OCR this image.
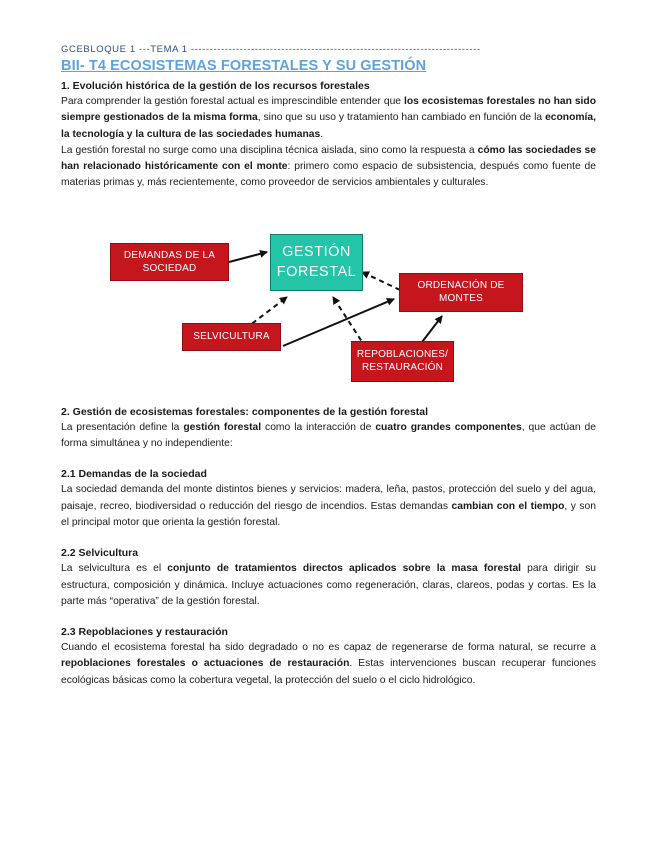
GCEBLOQUE 1 ---TEMA 1 -----------------------------------------------------------------------------
BII- T4 ECOSISTEMAS FORESTALES Y SU GESTIÓN
1. Evolución histórica de la gestión de los recursos forestales

Para comprender la gestión forestal actual es imprescindible entender que los ecosistemas forestales no han sido siempre gestionados de la misma forma, sino que su uso y tratamiento han cambiado en función de la economía, la tecnología y la cultura de las sociedades humanas.

La gestión forestal no surge como una disciplina técnica aislada, sino como la respuesta a cómo las sociedades se han relacionado históricamente con el monte: primero como espacio de subsistencia, después como fuente de materias primas y, más recientemente, como proveedor de servicios ambientales y culturales.

GESTIÓN FORESTAL
DEMANDAS DE LA SOCIEDAD
ORDENACIÓN DE MONTES
SELVICULTURA
REPOBLACIONES/ RESTAURACIÓN
2. Gestión de ecosistemas forestales: componentes de la gestión forestal

La presentación define la gestión forestal como la interacción de cuatro grandes componentes, que actúan de forma simultánea y no independiente:

2.1 Demandas de la sociedad

La sociedad demanda del monte distintos bienes y servicios: madera, leña, pastos, protección del suelo y del agua, paisaje, recreo, biodiversidad o reducción del riesgo de incendios. Estas demandas cambian con el tiempo, y son el principal motor que orienta la gestión forestal.

2.2 Selvicultura

La selvicultura es el conjunto de tratamientos directos aplicados sobre la masa forestal para dirigir su estructura, composición y dinámica. Incluye actuaciones como regeneración, claras, clareos, podas y cortas. Es la parte más “operativa” de la gestión forestal.

2.3 Repoblaciones y restauración

Cuando el ecosistema forestal ha sido degradado o no es capaz de regenerarse de forma natural, se recurre a repoblaciones forestales o actuaciones de restauración. Estas intervenciones buscan recuperar funciones ecológicas básicas como la cobertura vegetal, la protección del suelo o el ciclo hidrológico.
